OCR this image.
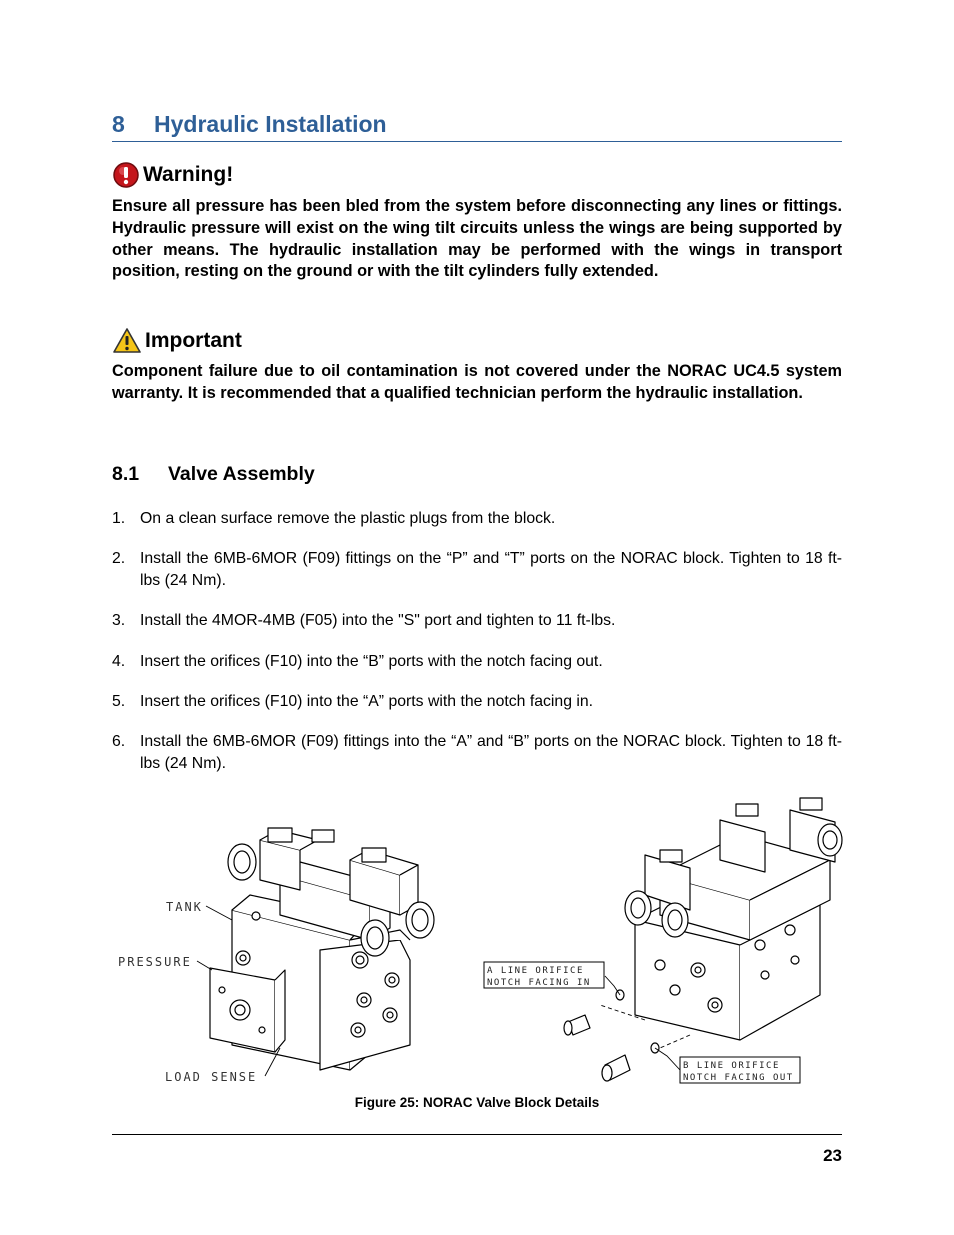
8 Hydraulic Installation
Warning!
Ensure all pressure has been bled from the system before disconnecting any lines or fittings. Hydraulic pressure will exist on the wing tilt circuits unless the wings are being supported by other means. The hydraulic installation may be performed with the wings in transport position, resting on the ground or with the tilt cylinders fully extended.
Important
Component failure due to oil contamination is not covered under the NORAC UC4.5 system warranty. It is recommended that a qualified technician perform the hydraulic installation.
8.1 Valve Assembly
1. On a clean surface remove the plastic plugs from the block.
2. Install the 6MB-6MOR (F09) fittings on the “P” and “T” ports on the NORAC block. Tighten to 18 ft-lbs (24 Nm).
3. Install the 4MOR-4MB (F05) into the "S" port and tighten to 11 ft-lbs.
4. Insert the orifices (F10) into the “B” ports with the notch facing out.
5. Insert the orifices (F10) into the “A” ports with the notch facing in.
6. Install the 6MB-6MOR (F09) fittings into the “A” and “B” ports on the NORAC block. Tighten to 18 ft-lbs (24 Nm).
TANK
PRESSURE
LOAD SENSE
A LINE ORIFICE
NOTCH FACING IN
B LINE ORIFICE
NOTCH FACING OUT
Figure 25: NORAC Valve Block Details
23
